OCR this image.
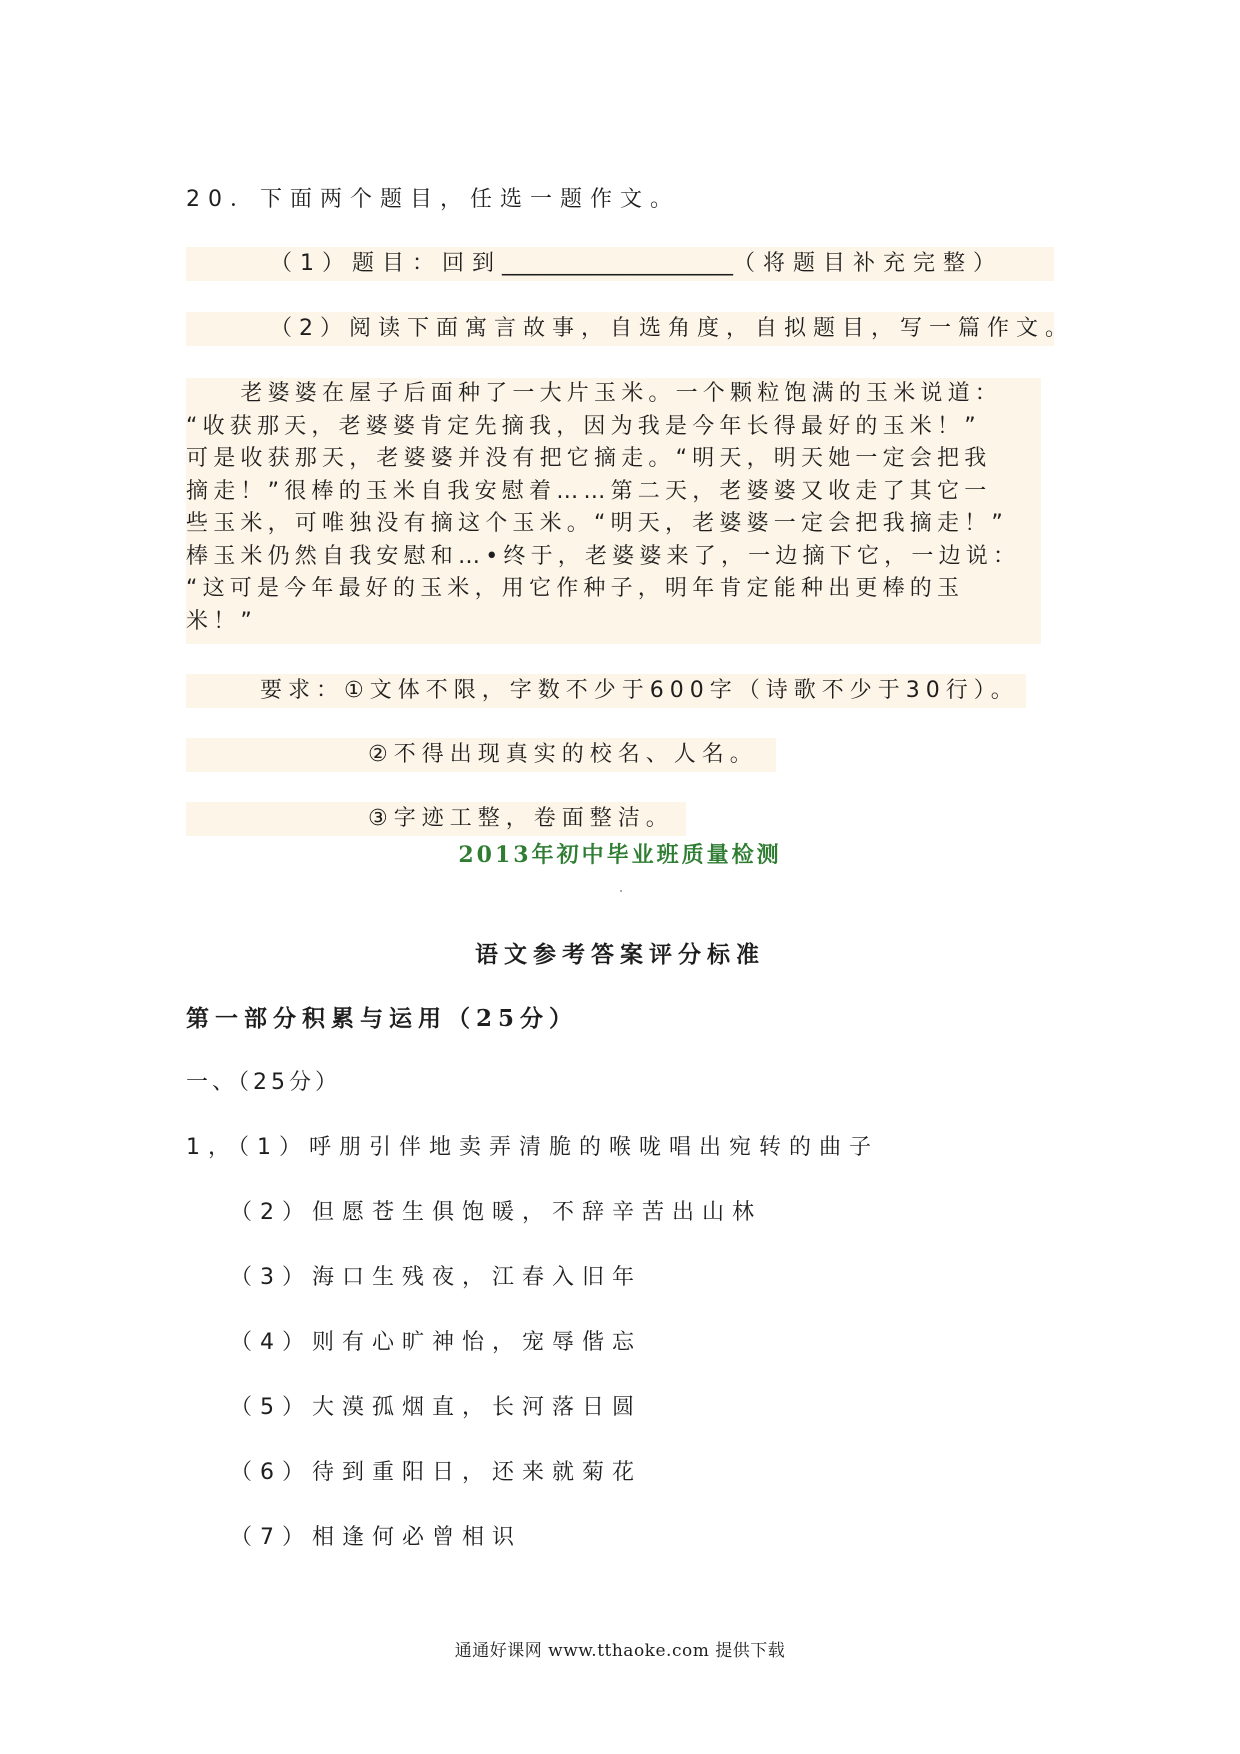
20．下面两个题目，任选一题作文。
（1）题目：回到_____________________（将题目补充完整）
（2）阅读下面寓言故事，自选角度，自拟题目，写一篇作文。

　　老婆婆在屋子后面种了一大片玉米。一个颗粒饱满的玉米说道：

“收获那天，老婆婆肯定先摘我，因为我是今年长得最好的玉米！”

可是收获那天，老婆婆并没有把它摘走。“明天，明天她一定会把我

摘走！”很棒的玉米自我安慰着……第二天，老婆婆又收走了其它一

些玉米，可唯独没有摘这个玉米。“明天，老婆婆一定会把我摘走！”

棒玉米仍然自我安慰和…•终于，老婆婆来了，一边摘下它，一边说：

“这可是今年最好的玉米，用它作种子，明年肯定能种出更棒的玉

米！”

要求：①文体不限，字数不少于600字（诗歌不少于30行）。
②不得出现真实的校名、人名。
③字迹工整，卷面整洁。
2013年初中毕业班质量检测
语文参考答案评分标准
第一部分积累与运用（25分）
一、（25分）
1，（1）呼朋引伴地卖弄清脆的喉咙唱出宛转的曲子
（2）但愿苍生俱饱暖，不辞辛苦出山林
（3）海口生残夜，江春入旧年
（4）则有心旷神怡，宠辱偕忘
（5）大漠孤烟直，长河落日圆
（6）待到重阳日，还来就菊花
（7）相逢何必曾相识
通通好课网 www.tthaoke.com 提供下载
